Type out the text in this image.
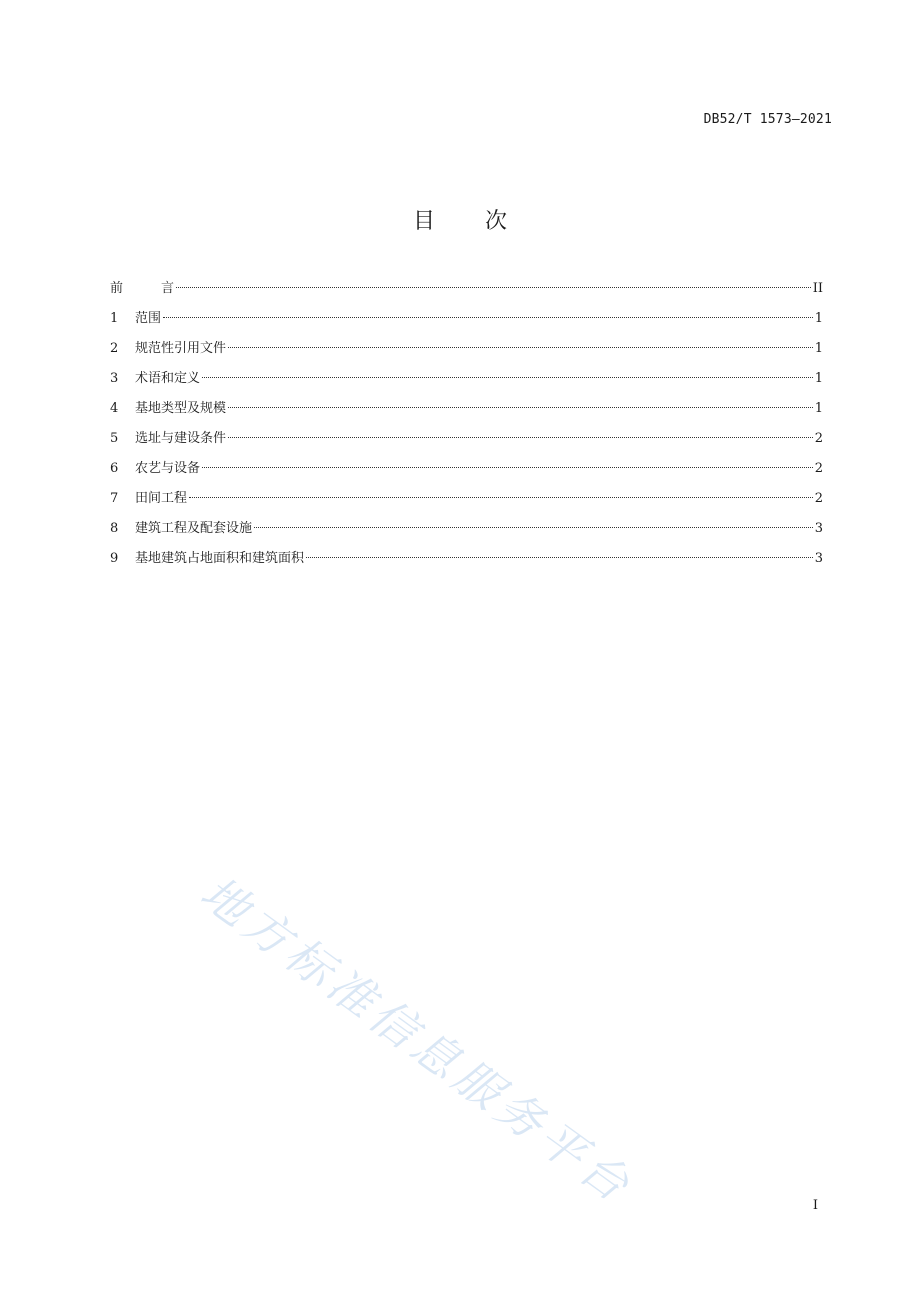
DB52/T 1573—2021
目 次
前	言	II
1	范围	1
2	规范性引用文件	1
3	术语和定义	1
4	基地类型及规模	1
5	选址与建设条件	2
6	农艺与设备	2
7	田间工程	2
8	建筑工程及配套设施	3
9	基地建筑占地面积和建筑面积	3
地方标准信息服务平台	I
